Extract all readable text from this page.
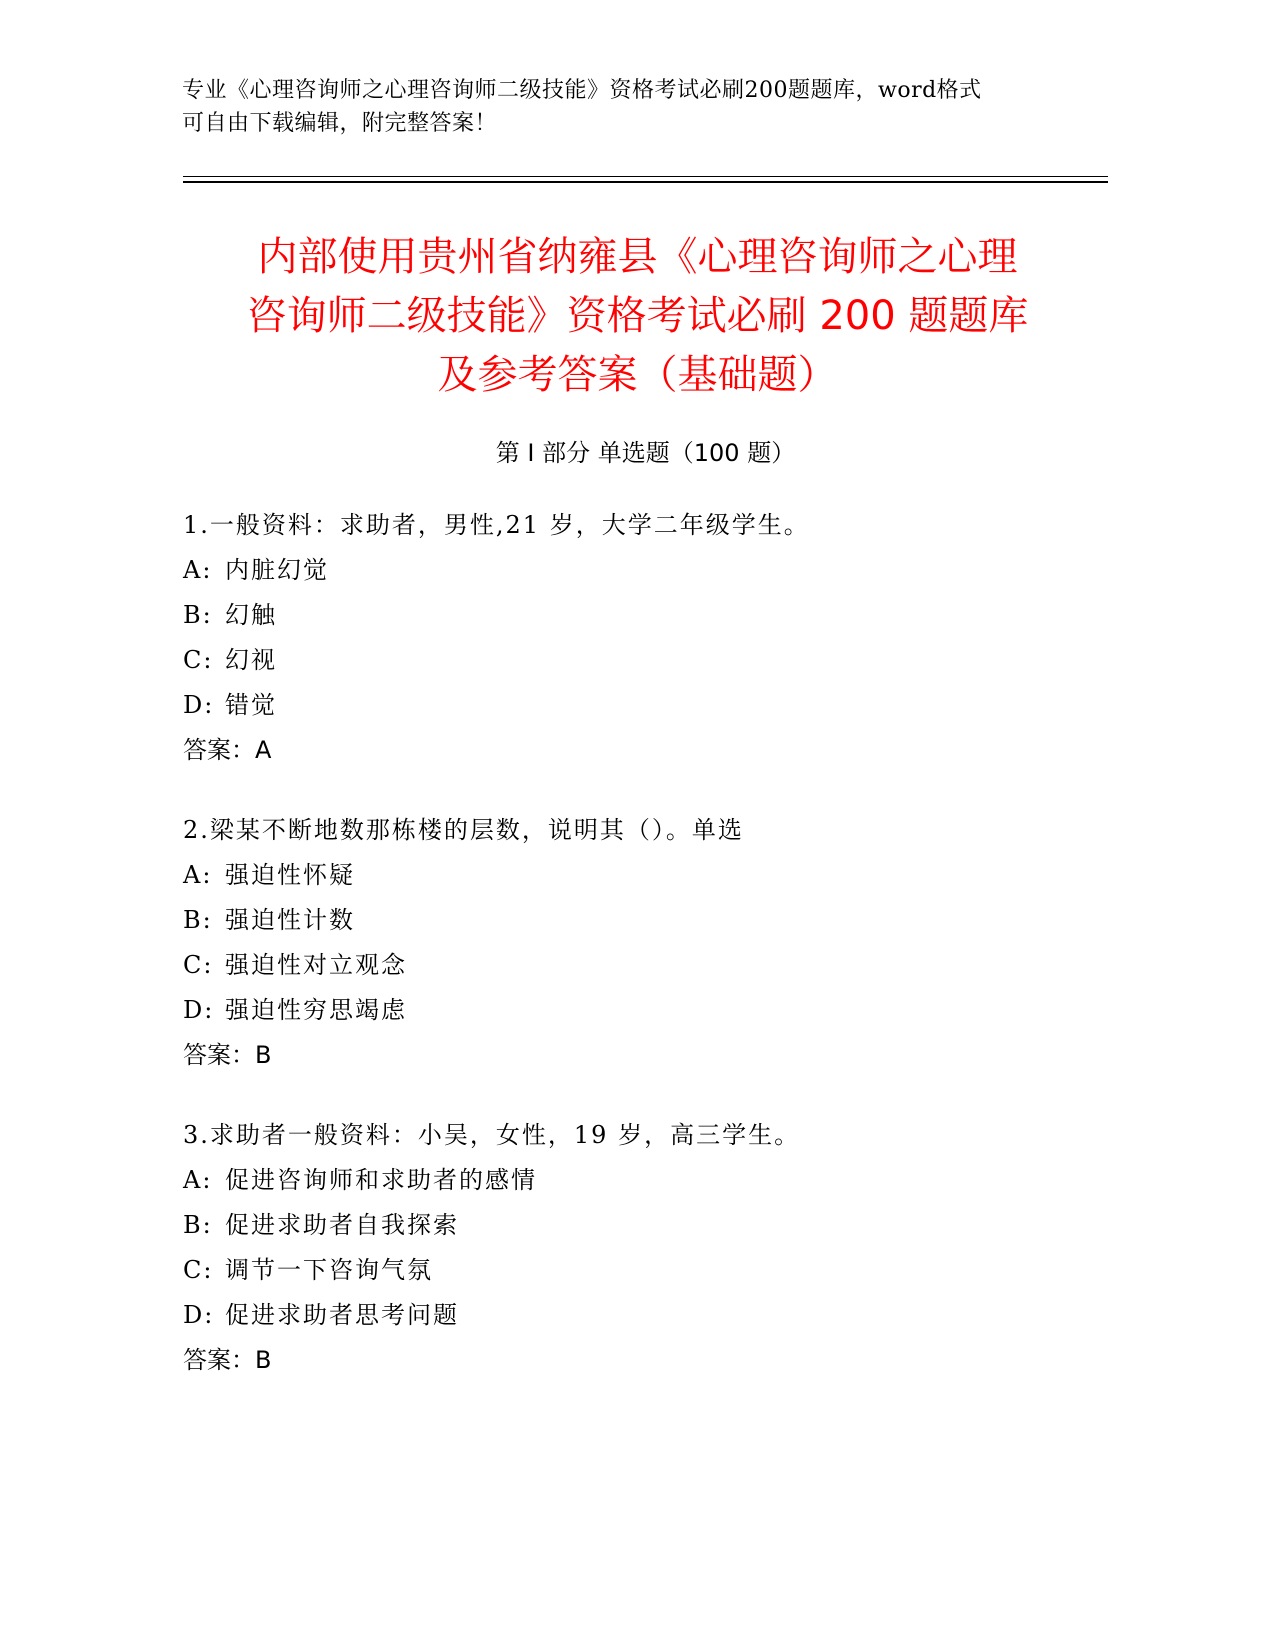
专业《心理咨询师之心理咨询师二级技能》资格考试必刷200题题库，word格式
可自由下载编辑，附完整答案！
内部使用贵州省纳雍县《心理咨询师之心理
咨询师二级技能》资格考试必刷 200 题题库
及参考答案（基础题）
第 I 部分 单选题（100 题）
1.一般资料：求助者，男性,21 岁，大学二年级学生。
A: 内脏幻觉
B: 幻触
C: 幻视
D: 错觉
答案：A
2.梁某不断地数那栋楼的层数，说明其（）。单选
A: 强迫性怀疑
B: 强迫性计数
C: 强迫性对立观念
D: 强迫性穷思竭虑
答案：B
3.求助者一般资料：小吴，女性，19 岁，高三学生。
A: 促进咨询师和求助者的感情
B: 促进求助者自我探索
C: 调节一下咨询气氛
D: 促进求助者思考问题
答案：B
